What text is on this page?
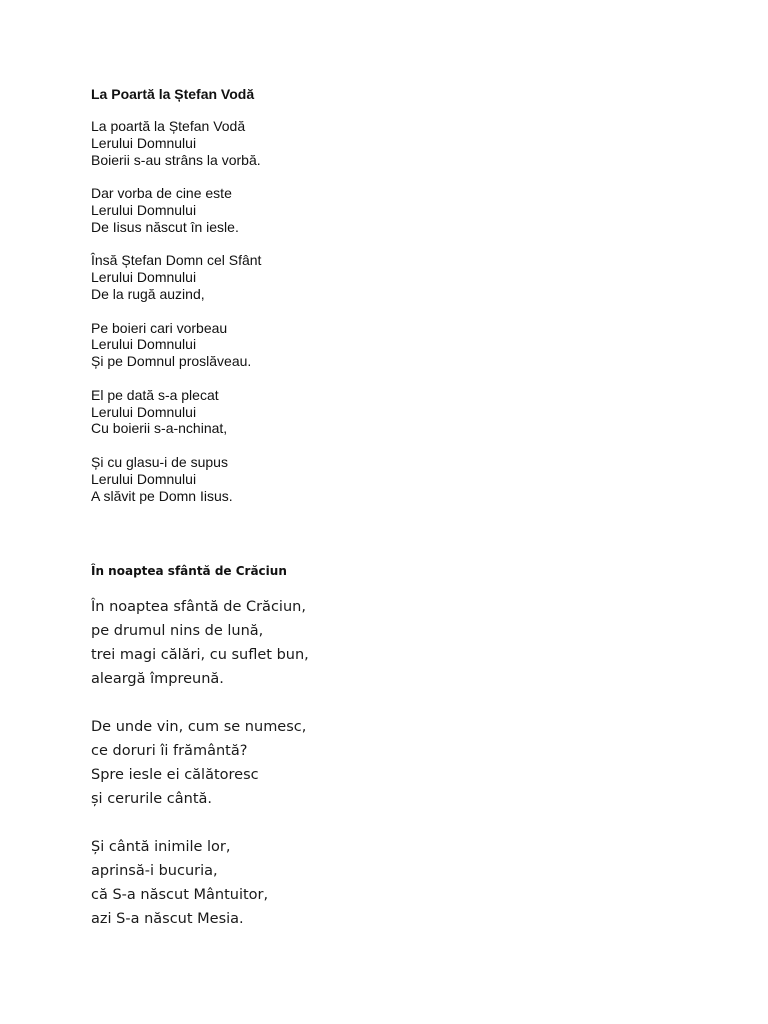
La Poartă la Ștefan Vodă
La poartă la Ștefan Vodă
Lerului Domnului
Boierii s-au strâns la vorbă.
Dar vorba de cine este
Lerului Domnului
De Iisus născut în iesle.
Însă Ștefan Domn cel Sfânt
Lerului Domnului
De la rugă auzind,
Pe boieri cari vorbeau
Lerului Domnului
Și pe Domnul proslăveau.
El pe dată s-a plecat
Lerului Domnului
Cu boierii s-a-nchinat,
Și cu glasu-i de supus
Lerului Domnului
A slăvit pe Domn Iisus.
În noaptea sfântă de Crăciun
În noaptea sfântă de Crăciun,
pe drumul nins de lună,
trei magi călări, cu suflet bun,
aleargă împreună.
De unde vin, cum se numesc,
ce doruri îi frământă?
Spre iesle ei călătoresc
și cerurile cântă.
Și cântă inimile lor,
aprinsă-i bucuria,
că S-a născut Mântuitor,
azi S-a născut Mesia.
